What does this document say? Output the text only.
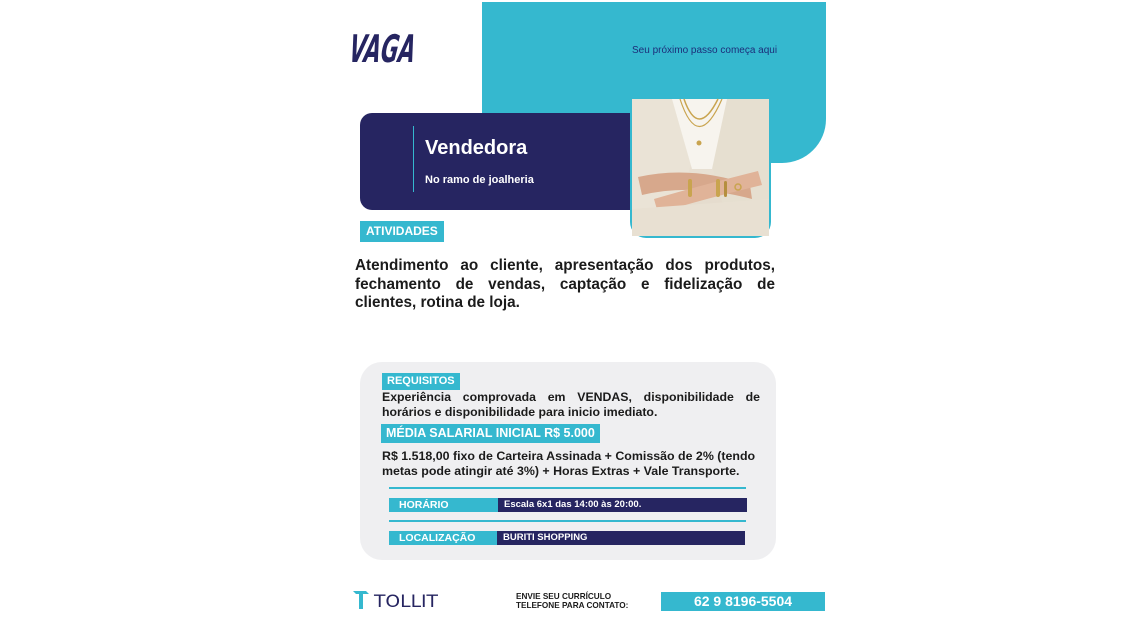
VAGA	Seu próximo passo começa aqui
Vendedora
No ramo de joalheria
ATIVIDADES
Atendimento ao cliente, apresentação dos produtos, fechamento de vendas, captação e fidelização de clientes, rotina de loja.
REQUISITOS
Experiência comprovada em VENDAS, disponibilidade de horários e disponibilidade para inicio imediato.
MÉDIA SALARIAL INICIAL R$ 5.000
R$ 1.518,00 fixo de Carteira Assinada + Comissão de 2% (tendo metas pode atingir até 3%) + Horas Extras + Vale Transporte.
HORÁRIO	Escala 6x1 das 14:00 às 20:00.
LOCALIZAÇÃO	BURITI SHOPPING
TOLLIT	ENVIE SEU CURRÍCULO
TELEFONE PARA CONTATO:	62 9 8196-5504
